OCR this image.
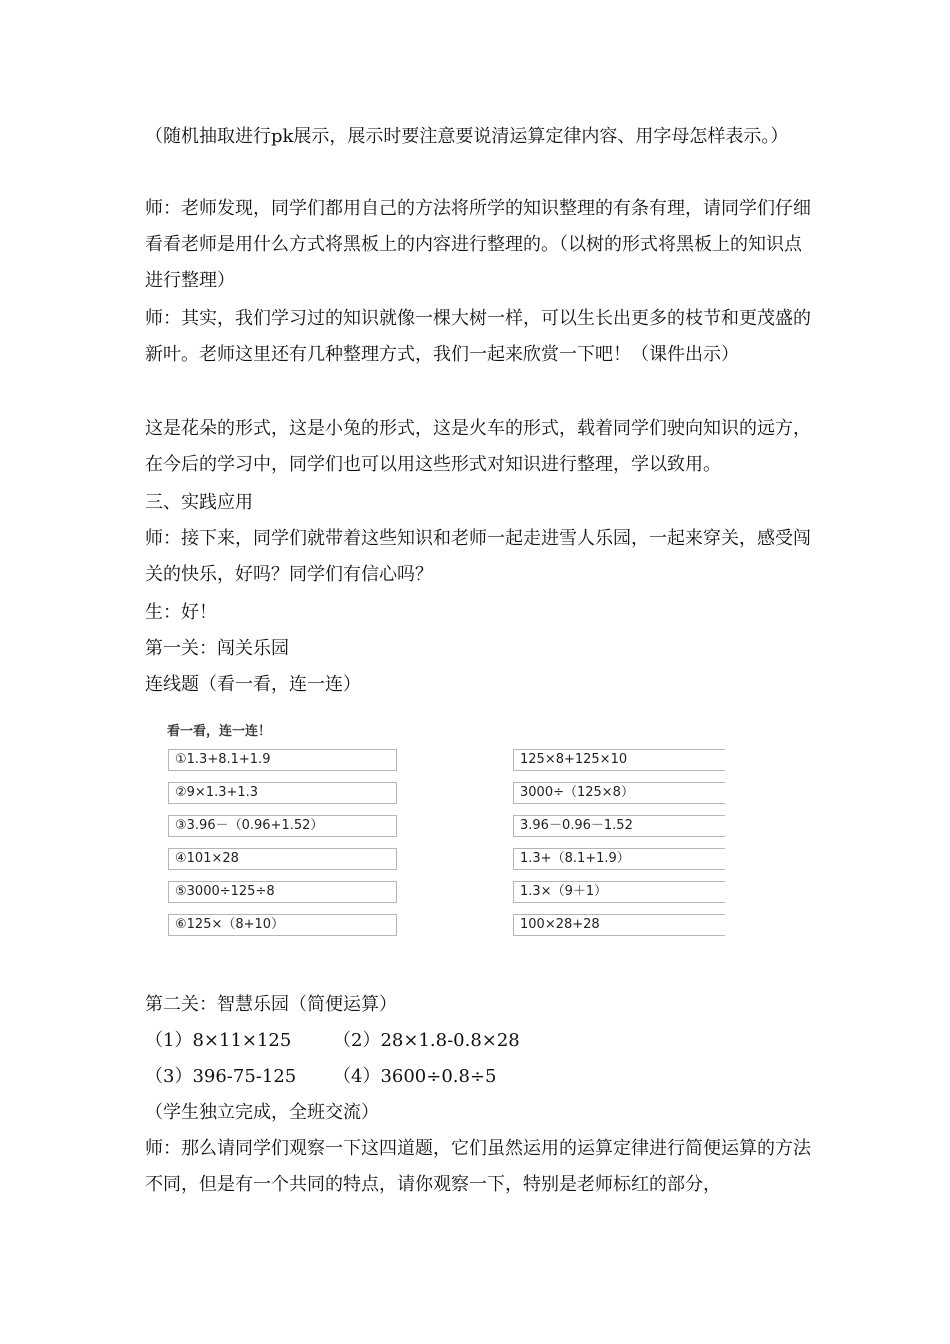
（随机抽取进行pk展示，展示时要注意要说清运算定律内容、用字母怎样表示。）

师：老师发现，同学们都用自己的方法将所学的知识整理的有条有理，请同学们仔细看看老师是用什么方式将黑板上的内容进行整理的。（以树的形式将黑板上的知识点进行整理）

师：其实，我们学习过的知识就像一棵大树一样，可以生长出更多的枝节和更茂盛的新叶。老师这里还有几种整理方式，我们一起来欣赏一下吧！（课件出示）

这是花朵的形式，这是小兔的形式，这是火车的形式，载着同学们驶向知识的远方，在今后的学习中，同学们也可以用这些形式对知识进行整理，学以致用。

三、实践应用

师：接下来，同学们就带着这些知识和老师一起走进雪人乐园，一起来穿关，感受闯关的快乐，好吗？同学们有信心吗？

生：好！

第一关：闯关乐园

连线题（看一看，连一连）

看一看，连一连！
①1.3+8.1+1.9
②9×1.3+1.3
③3.96－（0.96+1.52）
④101×28
⑤3000÷125÷8
⑥125×（8+10）
125×8+125×10
3000÷（125×8）
3.96－0.96－1.52
1.3+（8.1+1.9）
1.3×（9＋1）
100×28+28

第二关：智慧乐园（简便运算）

（1）8×11×125 （2）28×1.8-0.8×28
（3）396-75-125 （4）3600÷0.8÷5

（学生独立完成，全班交流）

师：那么请同学们观察一下这四道题，它们虽然运用的运算定律进行简便运算的方法不同，但是有一个共同的特点，请你观察一下，特别是老师标红的部分，
